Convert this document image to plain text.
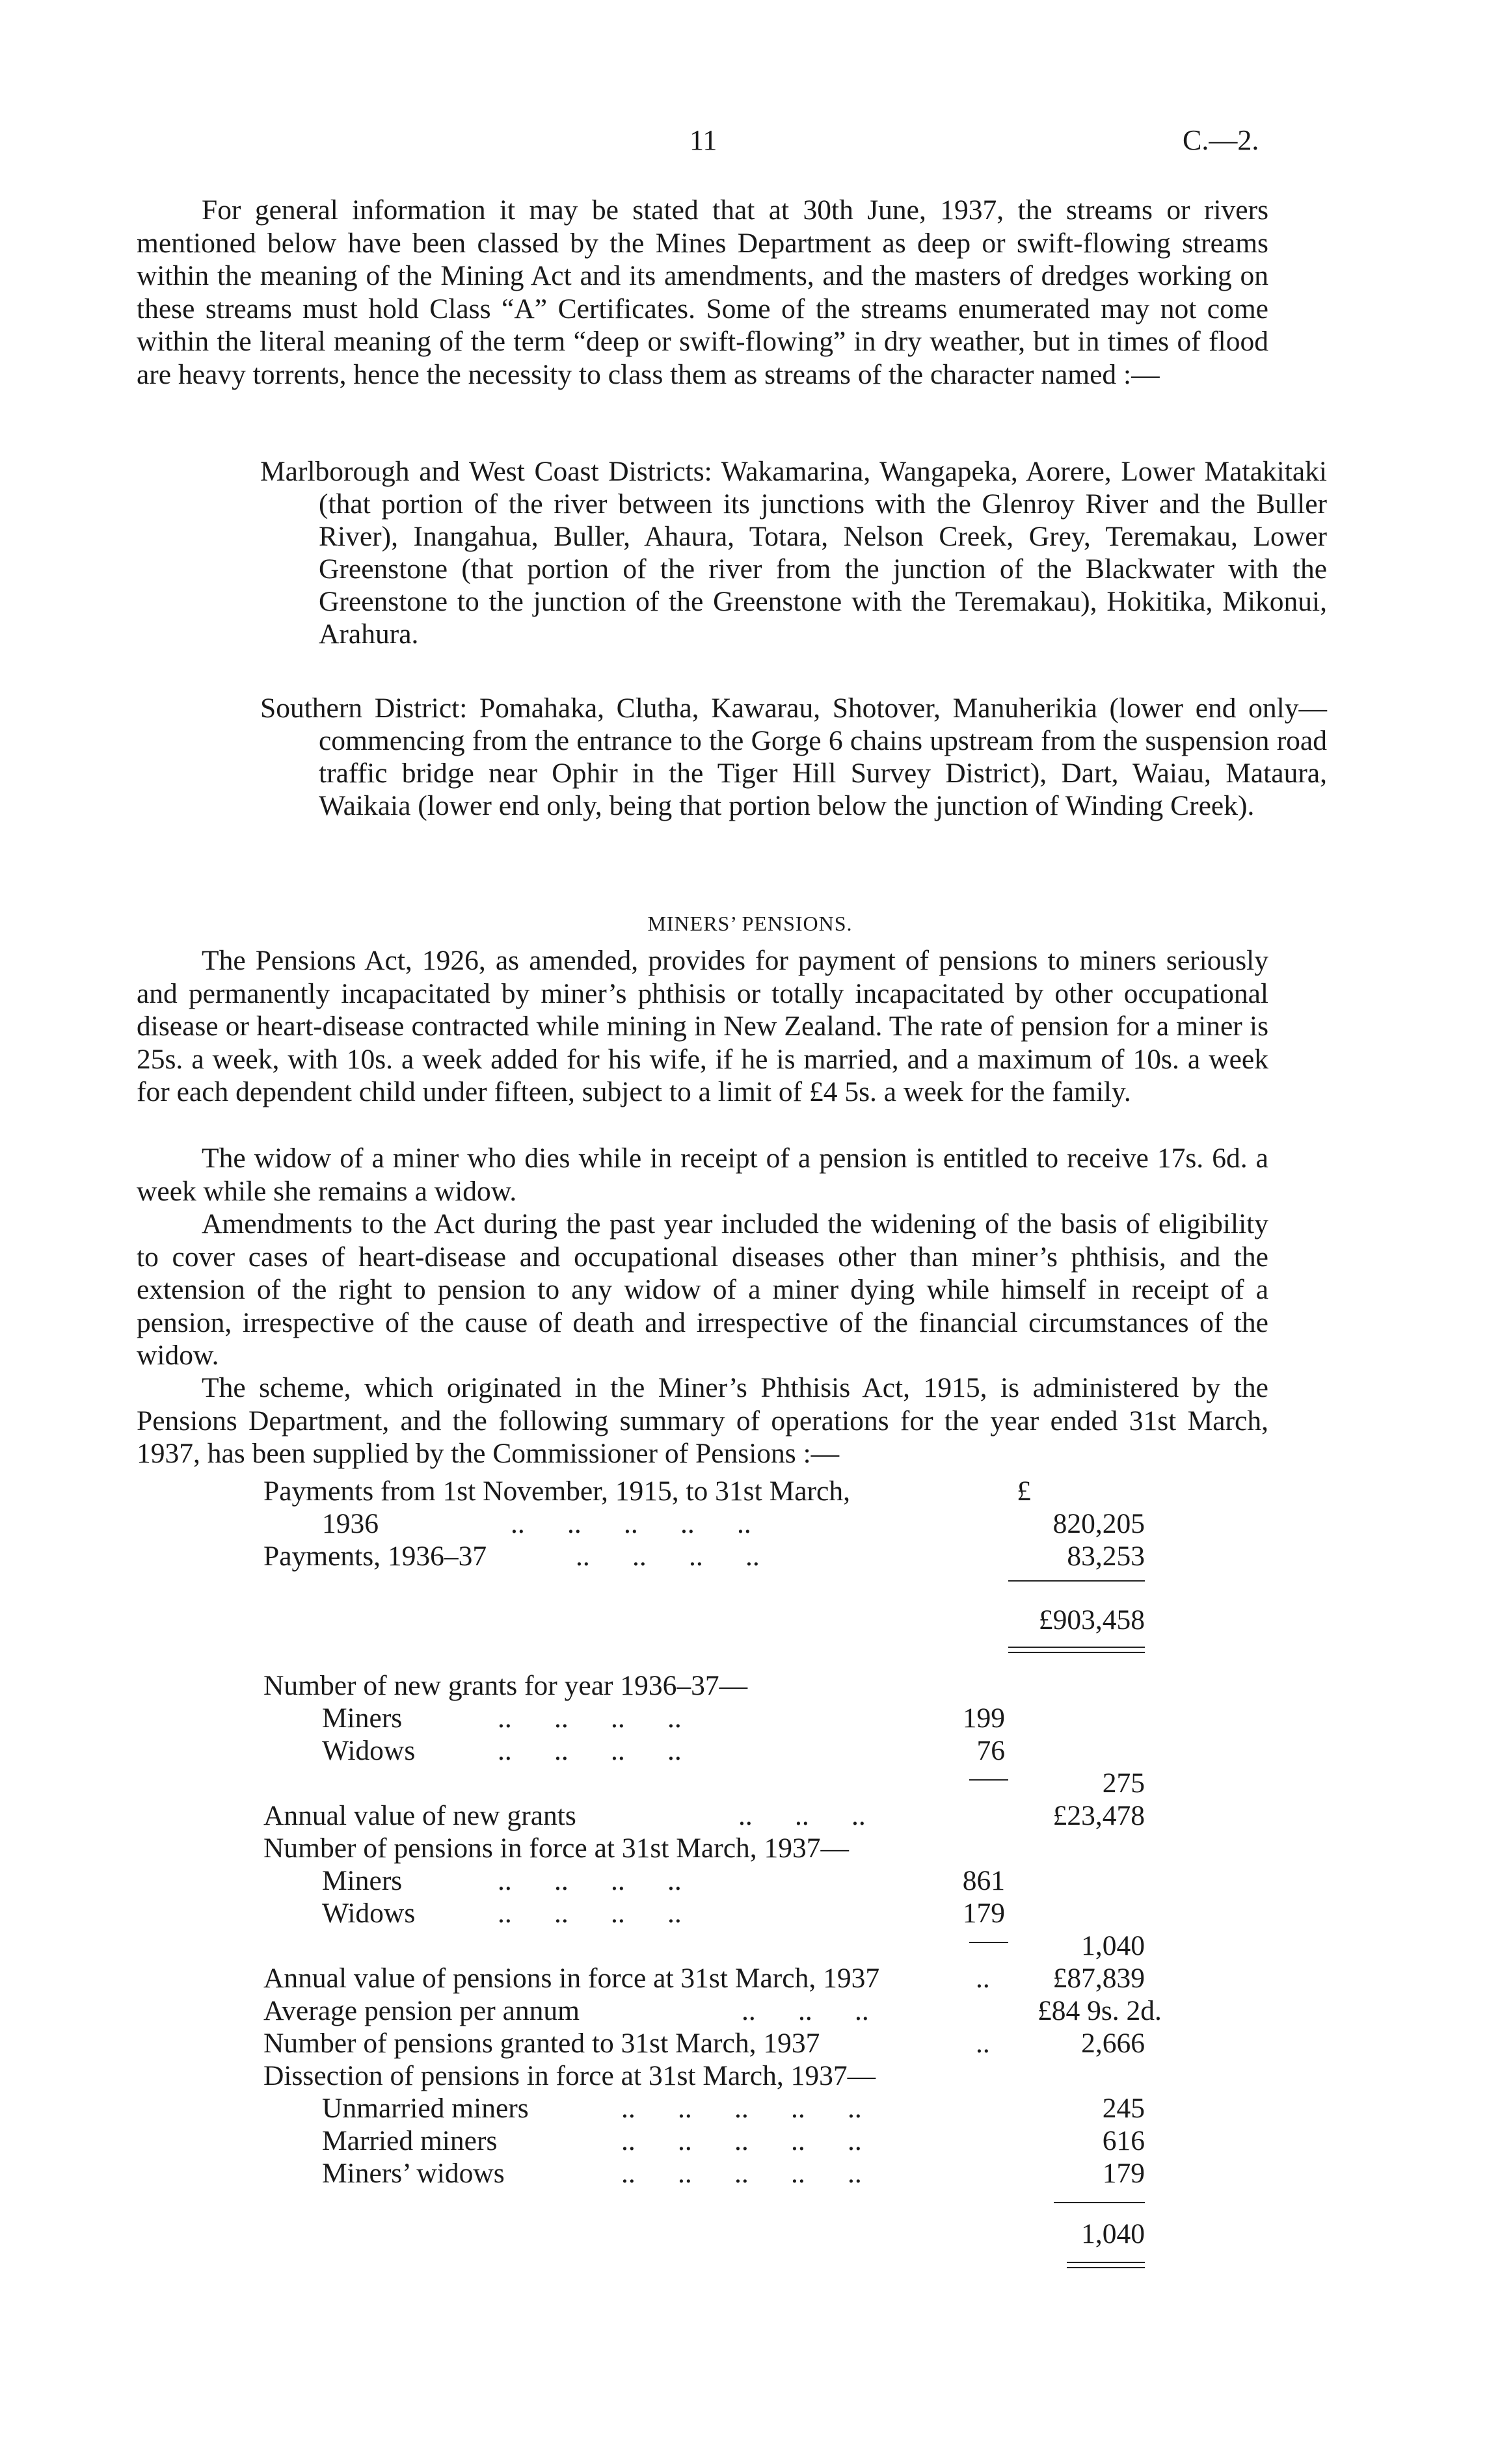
11	C.—2.
For general information it may be stated that at 30th June, 1937, the streams or rivers mentioned below have been classed by the Mines Department as deep or swift-flowing streams within the meaning of the Mining Act and its amendments, and the masters of dredges working on these streams must hold Class “A” Certificates. Some of the streams enumerated may not come within the literal meaning of the term “deep or swift-flowing” in dry weather, but in times of flood are heavy torrents, hence the necessity to class them as streams of the character named :—
Marlborough and West Coast Districts: Wakamarina, Wangapeka, Aorere, Lower Matakitaki (that portion of the river between its junctions with the Glenroy River and the Buller River), Inangahua, Buller, Ahaura, Totara, Nelson Creek, Grey, Teremakau, Lower Greenstone (that portion of the river from the junction of the Blackwater with the Greenstone to the junction of the Greenstone with the Teremakau), Hokitika, Mikonui, Arahura.
Southern District: Pomahaka, Clutha, Kawarau, Shotover, Manuherikia (lower end only—commencing from the entrance to the Gorge 6 chains upstream from the suspension road traffic bridge near Ophir in the Tiger Hill Survey District), Dart, Waiau, Mataura, Waikaia (lower end only, being that portion below the junction of Winding Creek).
MINERS’ PENSIONS.
The Pensions Act, 1926, as amended, provides for payment of pensions to miners seriously and permanently incapacitated by miner’s phthisis or totally incapacitated by other occupational disease or heart-disease contracted while mining in New Zealand. The rate of pension for a miner is 25s. a week, with 10s. a week added for his wife, if he is married, and a maximum of 10s. a week for each dependent child under fifteen, subject to a limit of £4 5s. a week for the family.
The widow of a miner who dies while in receipt of a pension is entitled to receive 17s. 6d. a week while she remains a widow.
Amendments to the Act during the past year included the widening of the basis of eligibility to cover cases of heart-disease and occupational diseases other than miner’s phthisis, and the extension of the right to pension to any widow of a miner dying while himself in receipt of a pension, irrespective of the cause of death and irrespective of the financial circumstances of the widow.
The scheme, which originated in the Miner’s Phthisis Act, 1915, is administered by the Pensions Department, and the following summary of operations for the year ended 31st March, 1937, has been supplied by the Commissioner of Pensions :—
Payments from 1st November, 1915, to 31st March,	£
1936	..      ..      ..      ..      ..	820,205
Payments, 1936–37	..      ..      ..      ..	83,253
£903,458
Number of new grants for year 1936–37—
Miners	..      ..      ..      ..	199
Widows	..      ..      ..      ..	76
275
Annual value of new grants	..      ..      ..	£23,478
Number of pensions in force at 31st March, 1937—
Miners	..      ..      ..      ..	861
Widows	..      ..      ..      ..	179
1,040
Annual value of pensions in force at 31st March, 1937	..	£87,839
Average pension per annum	..      ..      ..	£84 9s. 2d.
Number of pensions granted to 31st March, 1937	..	2,666
Dissection of pensions in force at 31st March, 1937—
Unmarried miners	..      ..      ..      ..      ..	245
Married miners	..      ..      ..      ..      ..	616
Miners’ widows	..      ..      ..      ..      ..	179
1,040
